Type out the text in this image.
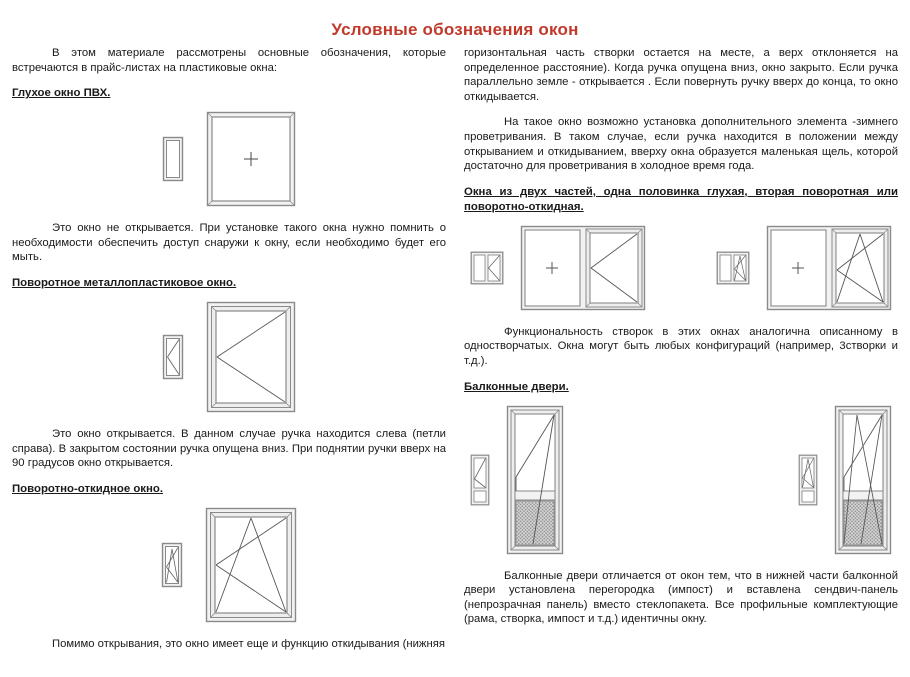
Условные обозначения окон

В этом материале рассмотрены основные обозначения, которые встречаются в прайс-листах на пластиковые окна:

Глухое окно ПВХ.

Это окно не открывается. При установке такого окна нужно помнить о необходимости обеспечить доступ снаружи к окну, если необходимо будет его мыть.

Поворотное металлопластиковое окно.

Это окно открывается. В данном случае ручка находится слева (петли справа). В закрытом состоянии ручка опущена вниз. При поднятии ручки вверх на 90 градусов окно открывается.

Поворотно-откидное окно.

Помимо открывания, это окно имеет еще и функцию откидывания (нижняя

горизонтальная часть створки остается на месте, а верх отклоняется на определенное расстояние). Когда ручка опущена вниз, окно закрыто. Если ручка параллельно земле - открывается . Если повернуть ручку вверх до конца, то окно откидывается.

На такое окно возможно установка дополнительного элемента -зимнего проветривания. В таком случае, если ручка находится в положении между открыванием и откидыванием, вверху окна образуется маленькая щель, которой достаточно для проветривания в холодное время года.

Окна из двух частей, одна половинка глухая, вторая поворотная или поворотно-откидная.

Функциональность створок в этих окнах аналогична описанному в одностворчатых. Окна могут быть любых конфигураций (например, 3створки и т.д.).

Балконные двери.

Балконные двери отличается от окон тем, что в нижней части балконной двери установлена перегородка (импост) и вставлена сендвич-панель (непрозрачная панель) вместо стеклопакета. Все профильные комплектующие (рама, створка, импост и т.д.) идентичны окну.
